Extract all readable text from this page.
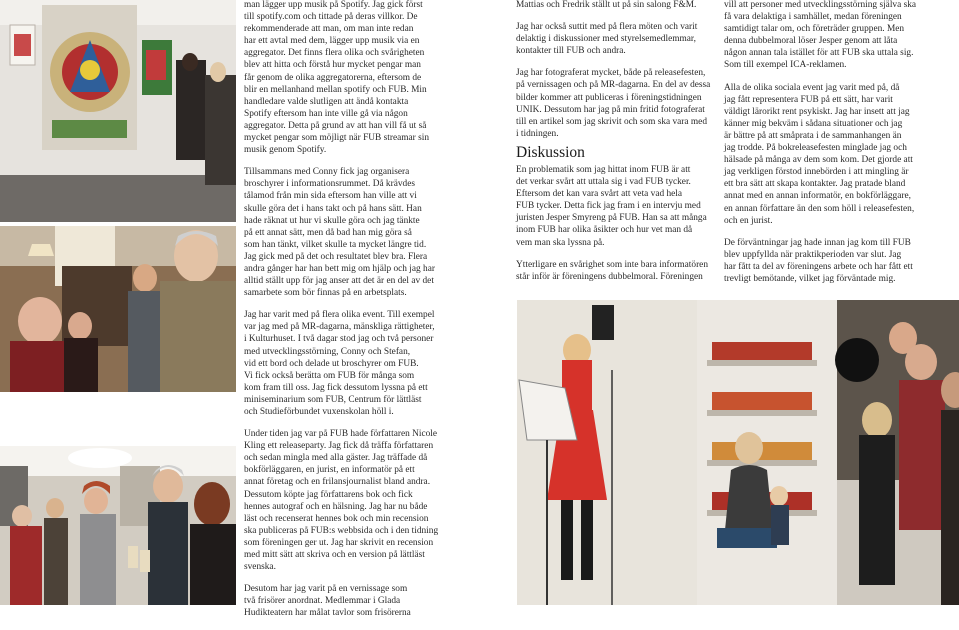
man lägger upp musik på Spotify. Jag gick först
till spotify.com och tittade på deras villkor. De
rekommenderade att man, om man inte redan
har ett avtal med dem, lägger upp musik via en
aggregator. Det finns flera olika och svårigheten
blev att hitta och förstå hur mycket pengar man
får genom de olika aggregatorerna, eftersom de
blir en mellanhand mellan spotify och FUB. Min
handledare valde slutligen att ändå kontakta
Spotify eftersom han inte ville gå via någon
aggregator. Detta på grund av att han vill få ut så
mycket pengar som möjligt när FUB streamar sin
musik genom Spotify.

Tillsammans med Conny fick jag organisera
broschyrer i informationsrummet. Då krävdes
tålamod från min sida eftersom han ville att vi
skulle göra det i hans takt och på hans sätt. Han
hade räknat ut hur vi skulle göra och jag tänkte
på ett annat sätt, men då bad han mig göra så
som han tänkt, vilket skulle ta mycket längre tid.
Jag gick med på det och resultatet blev bra. Flera
andra gånger har han bett mig om hjälp och jag har
alltid ställt upp för jag anser att det är en del av det
samarbete som bör finnas på en arbetsplats.

Jag har varit med på flera olika event. Till exempel
var jag med på MR-dagarna, mänskliga rättigheter,
i Kulturhuset. I två dagar stod jag och två personer
med utvecklingsstörning, Conny och Stefan,
vid ett bord och delade ut broschyrer om FUB.
Vi fick också berätta om FUB för många som
kom fram till oss. Jag fick dessutom lyssna på ett
miniseminarium som FUB, Centrum för lättläst
och Studieförbundet vuxenskolan höll i.

Under tiden jag var på FUB hade författaren Nicole
Kling ett releaseparty. Jag fick då träffa författaren
och sedan mingla med alla gäster. Jag träffade då
bokförläggaren, en jurist, en informatör på ett
annat företag och en frilansjournalist bland andra.
Dessutom köpte jag författarens bok och fick
hennes autograf och en hälsning. Jag har nu både
läst och recenserat hennes bok och min recension
ska publiceras på FUB:s webbsida och i den tidning
som föreningen ger ut. Jag har skrivit en recension
med mitt sätt att skriva och en version på lättläst
svenska.

Desutom har jag varit på en vernissage som
två frisörer anordnat. Medlemmar i Glada
Hudikteatern har målat tavlor som frisörerna

Mattias och Fredrik ställt ut på sin salong F&M.

Jag har också suttit med på flera möten och varit
delaktig i diskussioner med styrelsemedlemmar,
kontakter till FUB och andra.

Jag har fotograferat mycket, både på releasefesten,
på vernissagen och på MR-dagarna. En del av dessa
bilder kommer att publiceras i föreningstidningen
UNIK. Dessutom har jag på min fritid fotograferat
till en artikel som jag skrivit och som ska vara med
i tidningen.

Diskussion

En problematik som jag hittat inom FUB är att
det verkar svårt att uttala sig i vad FUB tycker.
Eftersom det kan vara svårt att veta vad hela
FUB tycker. Detta fick jag fram i en intervju med
juristen Jesper Smyreng på FUB. Han sa att många
inom FUB har olika åsikter och hur vet man då
vem man ska lyssna på.

Ytterligare en svårighet som inte bara informatören
står inför är föreningens dubbelmoral. Föreningen

vill att personer med utvecklingsstörning själva ska
få vara delaktiga i samhället, medan föreningen
samtidigt talar om, och företräder gruppen. Men
denna dubbelmoral löser Jesper genom att låta
någon annan tala istället för att FUB ska uttala sig.
Som till exempel ICA-reklamen.

Alla de olika sociala event jag varit med på, då
jag fått representera FUB på ett sätt, har varit
väldigt lärorikt rent psykiskt. Jag har insett att jag
känner mig bekväm i sådana situationer och jag
är bättre på att småprata i de sammanhangen än
jag trodde. På bokreleasefesten minglade jag och
hälsade på många av dem som kom. Det gjorde att
jag verkligen förstod innebörden i att mingling är
ett bra sätt att skapa kontakter. Jag pratade bland
annat med en annan informatör, en bokförläggare,
en annan författare än den som höll i releasefesten,
och en jurist.

De förväntningar jag hade innan jag kom till FUB
blev uppfyllda när praktikperioden var slut. Jag
har fått ta del av föreningens arbete och har fått ett
trevligt bemötande, vilket jag förväntade mig.
